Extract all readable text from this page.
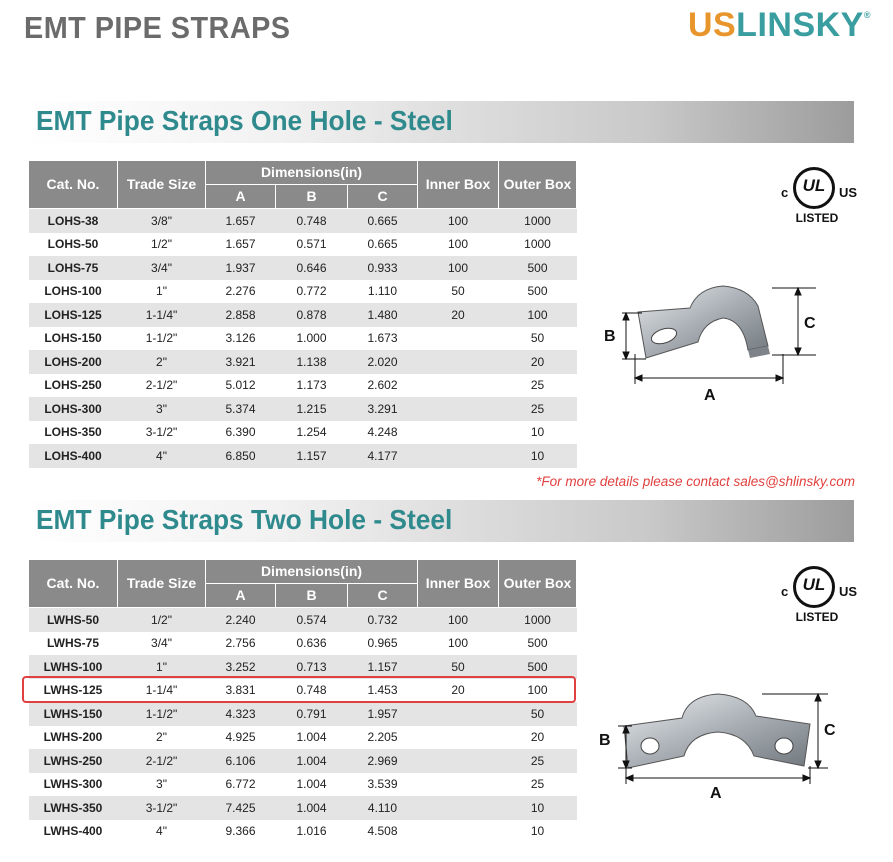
EMT PIPE STRAPS	USLINSKY®
EMT Pipe Straps One Hole - Steel
Cat. No.	Trade Size	Dimensions(in)			Inner Box	Outer Box
		A	B	C		
LOHS-38	3/8"	1.657	0.748	0.665	100	1000
LOHS-50	1/2"	1.657	0.571	0.665	100	1000
LOHS-75	3/4"	1.937	0.646	0.933	100	500
LOHS-100	1"	2.276	0.772	1.110	50	500
LOHS-125	1-1/4"	2.858	0.878	1.480	20	100
LOHS-150	1-1/2"	3.126	1.000	1.673		50
LOHS-200	2"	3.921	1.138	2.020		20
LOHS-250	2-1/2"	5.012	1.173	2.602		25
LOHS-300	3"	5.374	1.215	3.291		25
LOHS-350	3-1/2"	6.390	1.254	4.248		10
LOHS-400	4"	6.850	1.157	4.177		10
c UL	US
LISTED
B
C
A
*For more details please contact sales@shlinsky.com
EMT Pipe Straps Two Hole - Steel
Cat. No.	Trade Size	Dimensions(in)			Inner Box	Outer Box
		A	B	C		
LWHS-50	1/2"	2.240	0.574	0.732	100	1000
LWHS-75	3/4"	2.756	0.636	0.965	100	500
LWHS-100	1"	3.252	0.713	1.157	50	500
LWHS-125	1-1/4"	3.831	0.748	1.453	20	100
LWHS-150	1-1/2"	4.323	0.791	1.957		50
LWHS-200	2"	4.925	1.004	2.205		20
LWHS-250	2-1/2"	6.106	1.004	2.969		25
LWHS-300	3"	6.772	1.004	3.539		25
LWHS-350	3-1/2"	7.425	1.004	4.110		10
LWHS-400	4"	9.366	1.016	4.508		10
c UL	US
LISTED
B
C
A
